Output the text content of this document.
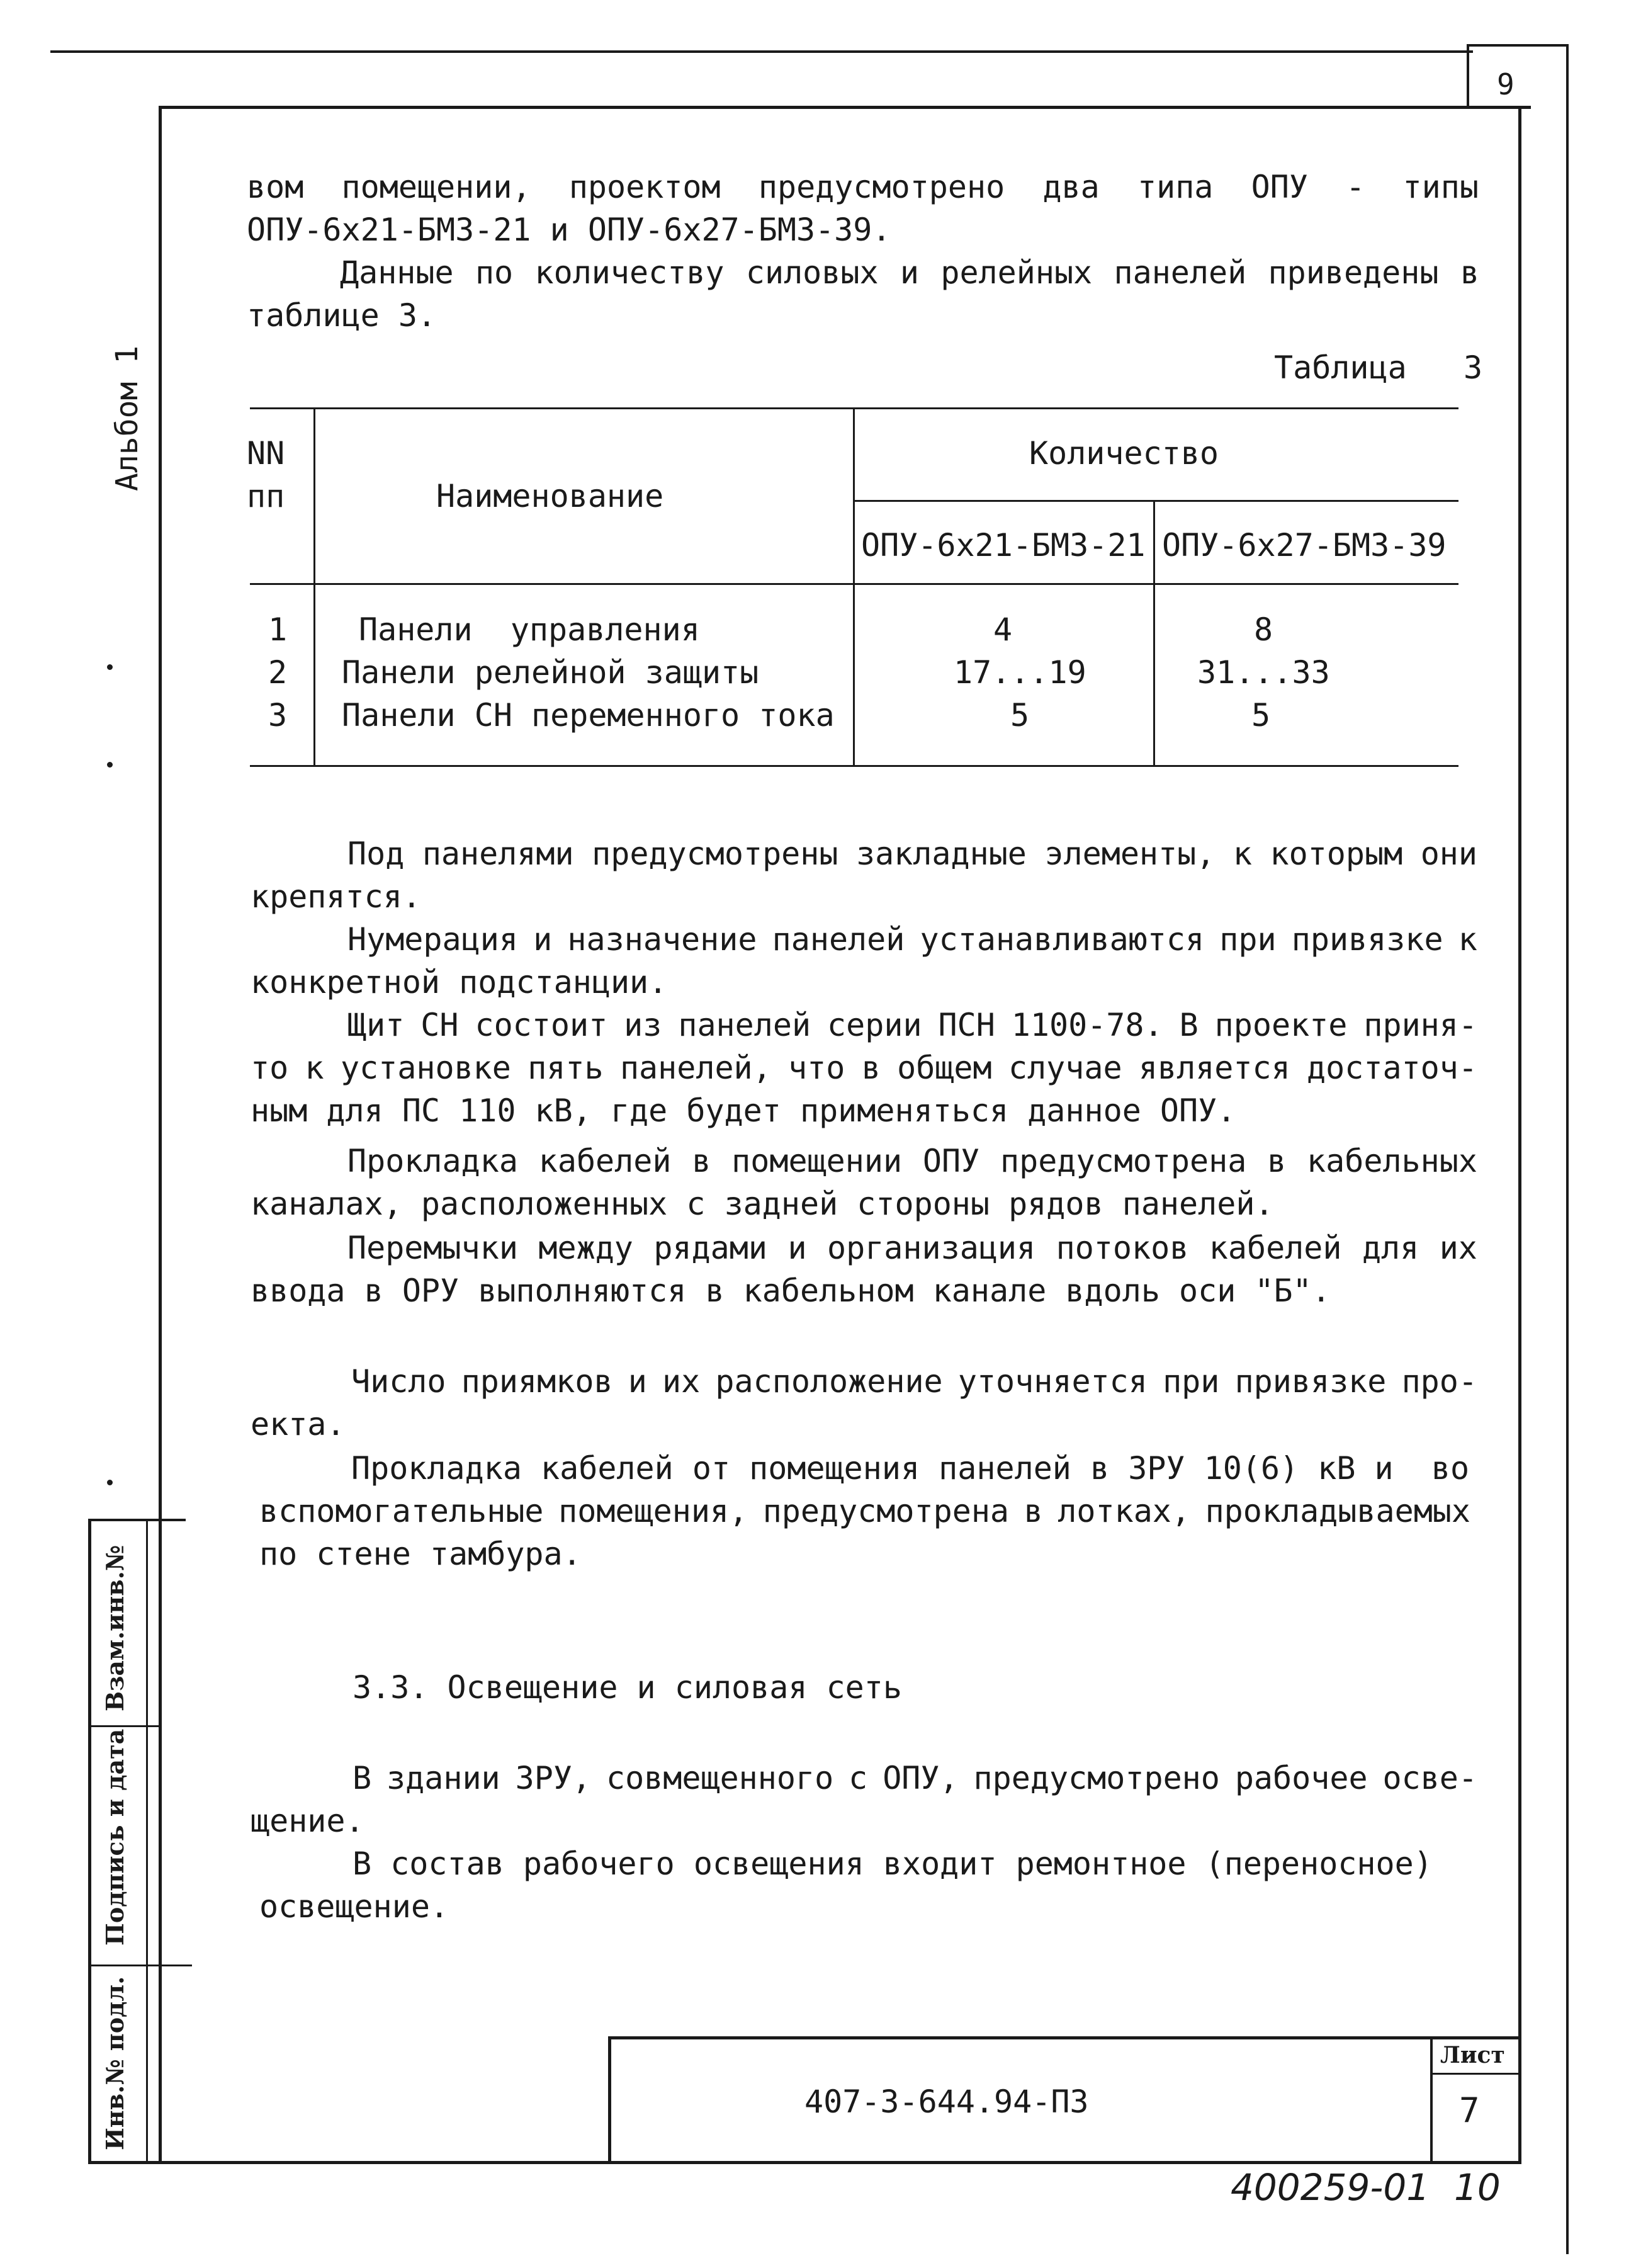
9
Альбом 1
Взам.инв.№
Подпись и дата
Инв.№ подл.
вом помещении, проектом предусмотрено два типа ОПУ - типы
ОПУ-6х21-БМЗ-21 и ОПУ-6х27-БМЗ-39.
Данные по количеству силовых и релейных панелей приведены в
таблице 3.
Таблица   3
NN
пп	Наименование
Количество
ОПУ-6х21-БМЗ-21 ОПУ-6х27-БМЗ-39
1 Панели  управления	4	8
2 Панели релейной защиты	17...19	31...33
3 Панели СН переменного тока	5	5
Под панелями предусмотрены закладные элементы, к которым они
крепятся.
Нумерация и назначение панелей устанавливаются при привязке к
конкретной подстанции.
Щит СН состоит из панелей серии ПСН 1100-78. В проекте приня-
то к установке пять панелей, что в общем случае является достаточ-
ным для ПС 110 кВ, где будет применяться данное ОПУ.
Прокладка кабелей в помещении ОПУ предусмотрена в кабельных
каналах, расположенных с задней стороны рядов панелей.
Перемычки между рядами и организация потоков кабелей для их
ввода в ОРУ выполняются в кабельном канале вдоль оси "Б".
Число приямков и их расположение уточняется при привязке про-
екта.
Прокладка кабелей от помещения панелей в ЗРУ 10(6) кВ и  во
вспомогательные помещения, предусмотрена в лотках, прокладываемых
по стене тамбура.
3.3. Освещение и силовая сеть
В здании ЗРУ, совмещенного с ОПУ, предусмотрено рабочее осве-
щение.
В состав рабочего освещения входит ремонтное (переносное)
освещение.
407-3-644.94-ПЗ
Лист
7
400259-01 10
